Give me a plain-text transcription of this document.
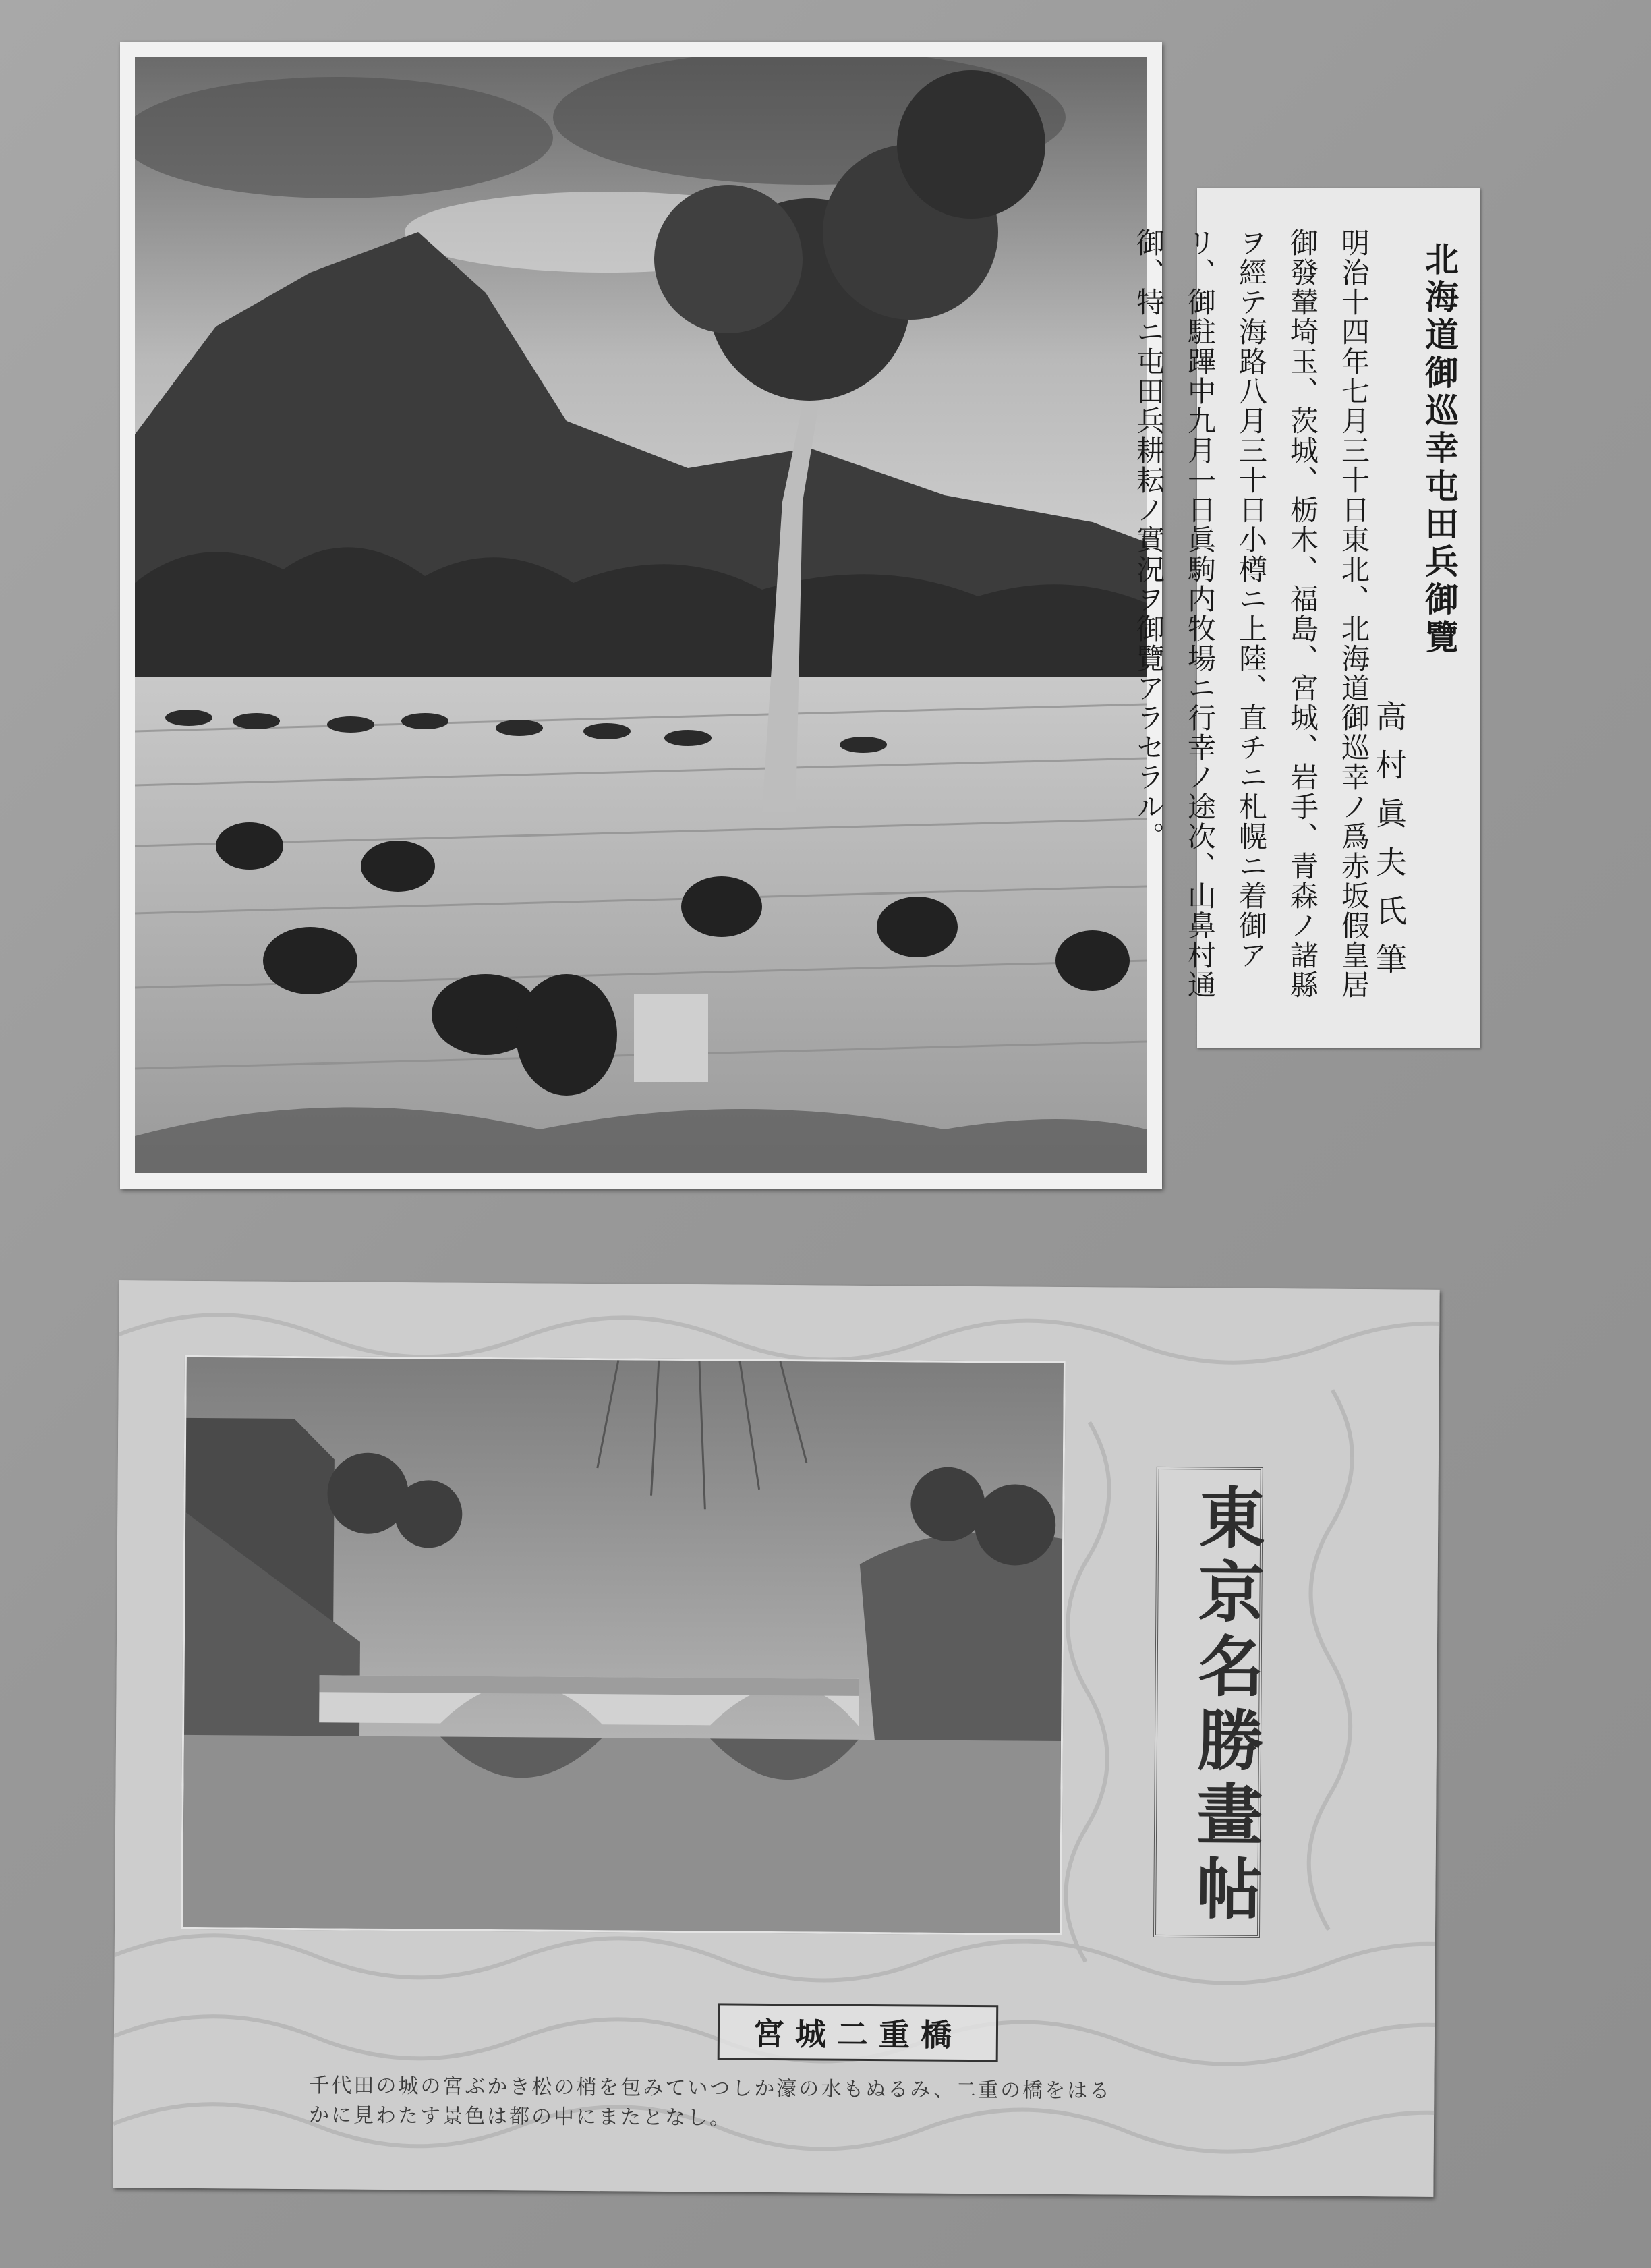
北海道御巡幸屯田兵御覽
高村眞夫氏筆
明治十四年七月三十日東北、北海道御巡幸ノ爲赤坂假皇居御發輦埼玉、茨城、栃木、福島、宮城、岩手、青森ノ諸縣ヲ經テ海路八月三十日小樽ニ上陸、直チニ札幌ニ着御アリ、御駐蹕中九月一日眞駒内牧場ニ行幸ノ途次、山鼻村通御、特ニ屯田兵耕耘ノ實況ヲ御覽アラセラル。
東京名勝畫帖
宮城二重橋
千代田の城の宮ぶかき松の梢を包みていつしか濠の水もぬるみ、二重の橋をはるかに見わたす景色は都の中にまたとなし。
